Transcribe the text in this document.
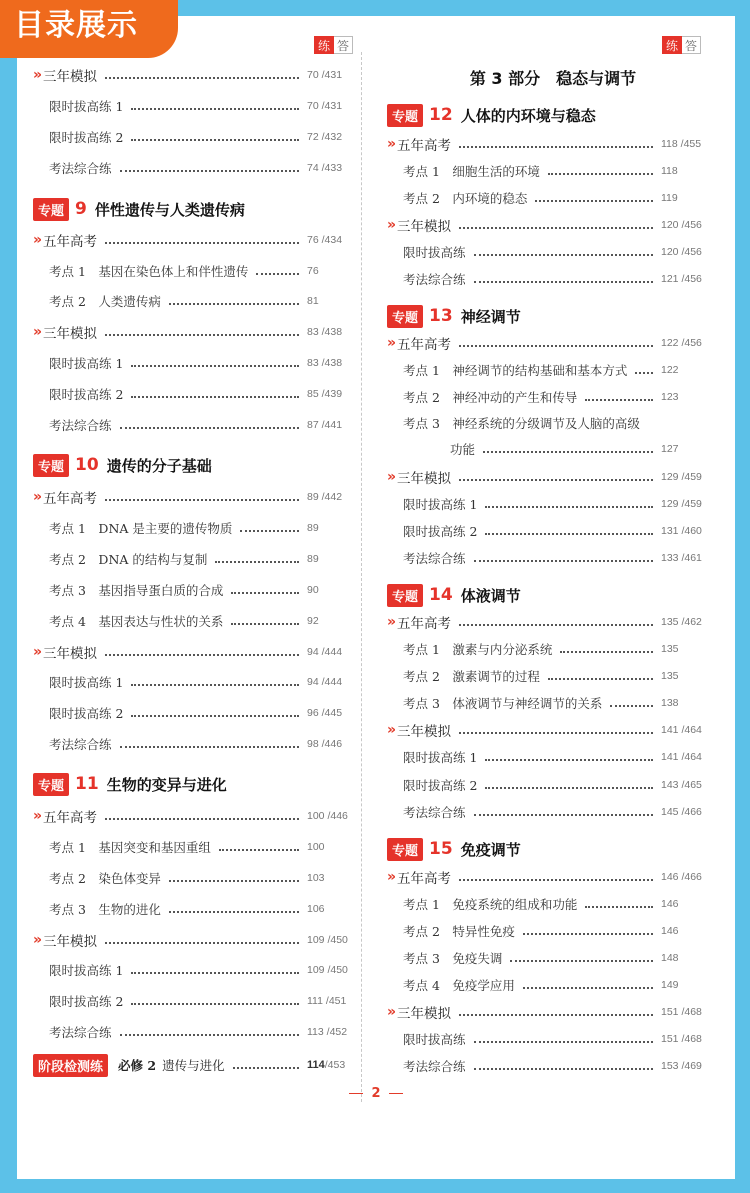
目录展示
练 答	练 答
» 三年模拟	70 /431
限时拔高练 1	70 /431
限时拔高练 2	72 /432
考法综合练	74 /433
专题 9 伴性遗传与人类遗传病
» 五年高考	76 /434
考点 1　基因在染色体上和伴性遗传	76
考点 2　人类遗传病	81
» 三年模拟	83 /438
限时拔高练 1	83 /438
限时拔高练 2	85 /439
考法综合练	87 /441
专题 10 遗传的分子基础
» 五年高考	89 /442
考点 1　DNA 是主要的遗传物质	89
考点 2　DNA 的结构与复制	89
考点 3　基因指导蛋白质的合成	90
考点 4　基因表达与性状的关系	92
» 三年模拟	94 /444
限时拔高练 1	94 /444
限时拔高练 2	96 /445
考法综合练	98 /446
专题 11 生物的变异与进化
» 五年高考	100 /446
考点 1　基因突变和基因重组	100
考点 2　染色体变异	103
考点 3　生物的进化	106
» 三年模拟	109 /450
限时拔高练 1	109 /450
限时拔高练 2	111 /451
考法综合练	113 /452
阶段检测练	必修 2 遗传与进化	114/453
第 3 部分　稳态与调节
专题 12 人体的内环境与稳态
» 五年高考	118 /455
考点 1　细胞生活的环境	118
考点 2　内环境的稳态	119
» 三年模拟	120 /456
限时拔高练	120 /456
考法综合练	121 /456
专题 13 神经调节
» 五年高考	122 /456
考点 1　神经调节的结构基础和基本方式	122
考点 2　神经冲动的产生和传导	123
考点 3　神经系统的分级调节及人脑的高级
功能	127
» 三年模拟	129 /459
限时拔高练 1	129 /459
限时拔高练 2	131 /460
考法综合练	133 /461
专题 14 体液调节
» 五年高考	135 /462
考点 1　激素与内分泌系统	135
考点 2　激素调节的过程	135
考点 3　体液调节与神经调节的关系	138
» 三年模拟	141 /464
限时拔高练 1	141 /464
限时拔高练 2	143 /465
考法综合练	145 /466
专题 15 免疫调节
» 五年高考	146 /466
考点 1　免疫系统的组成和功能	146
考点 2　特异性免疫	146
考点 3　免疫失调	148
考点 4　免疫学应用	149
» 三年模拟	151 /468
限时拔高练	151 /468
考法综合练	153 /469
2
